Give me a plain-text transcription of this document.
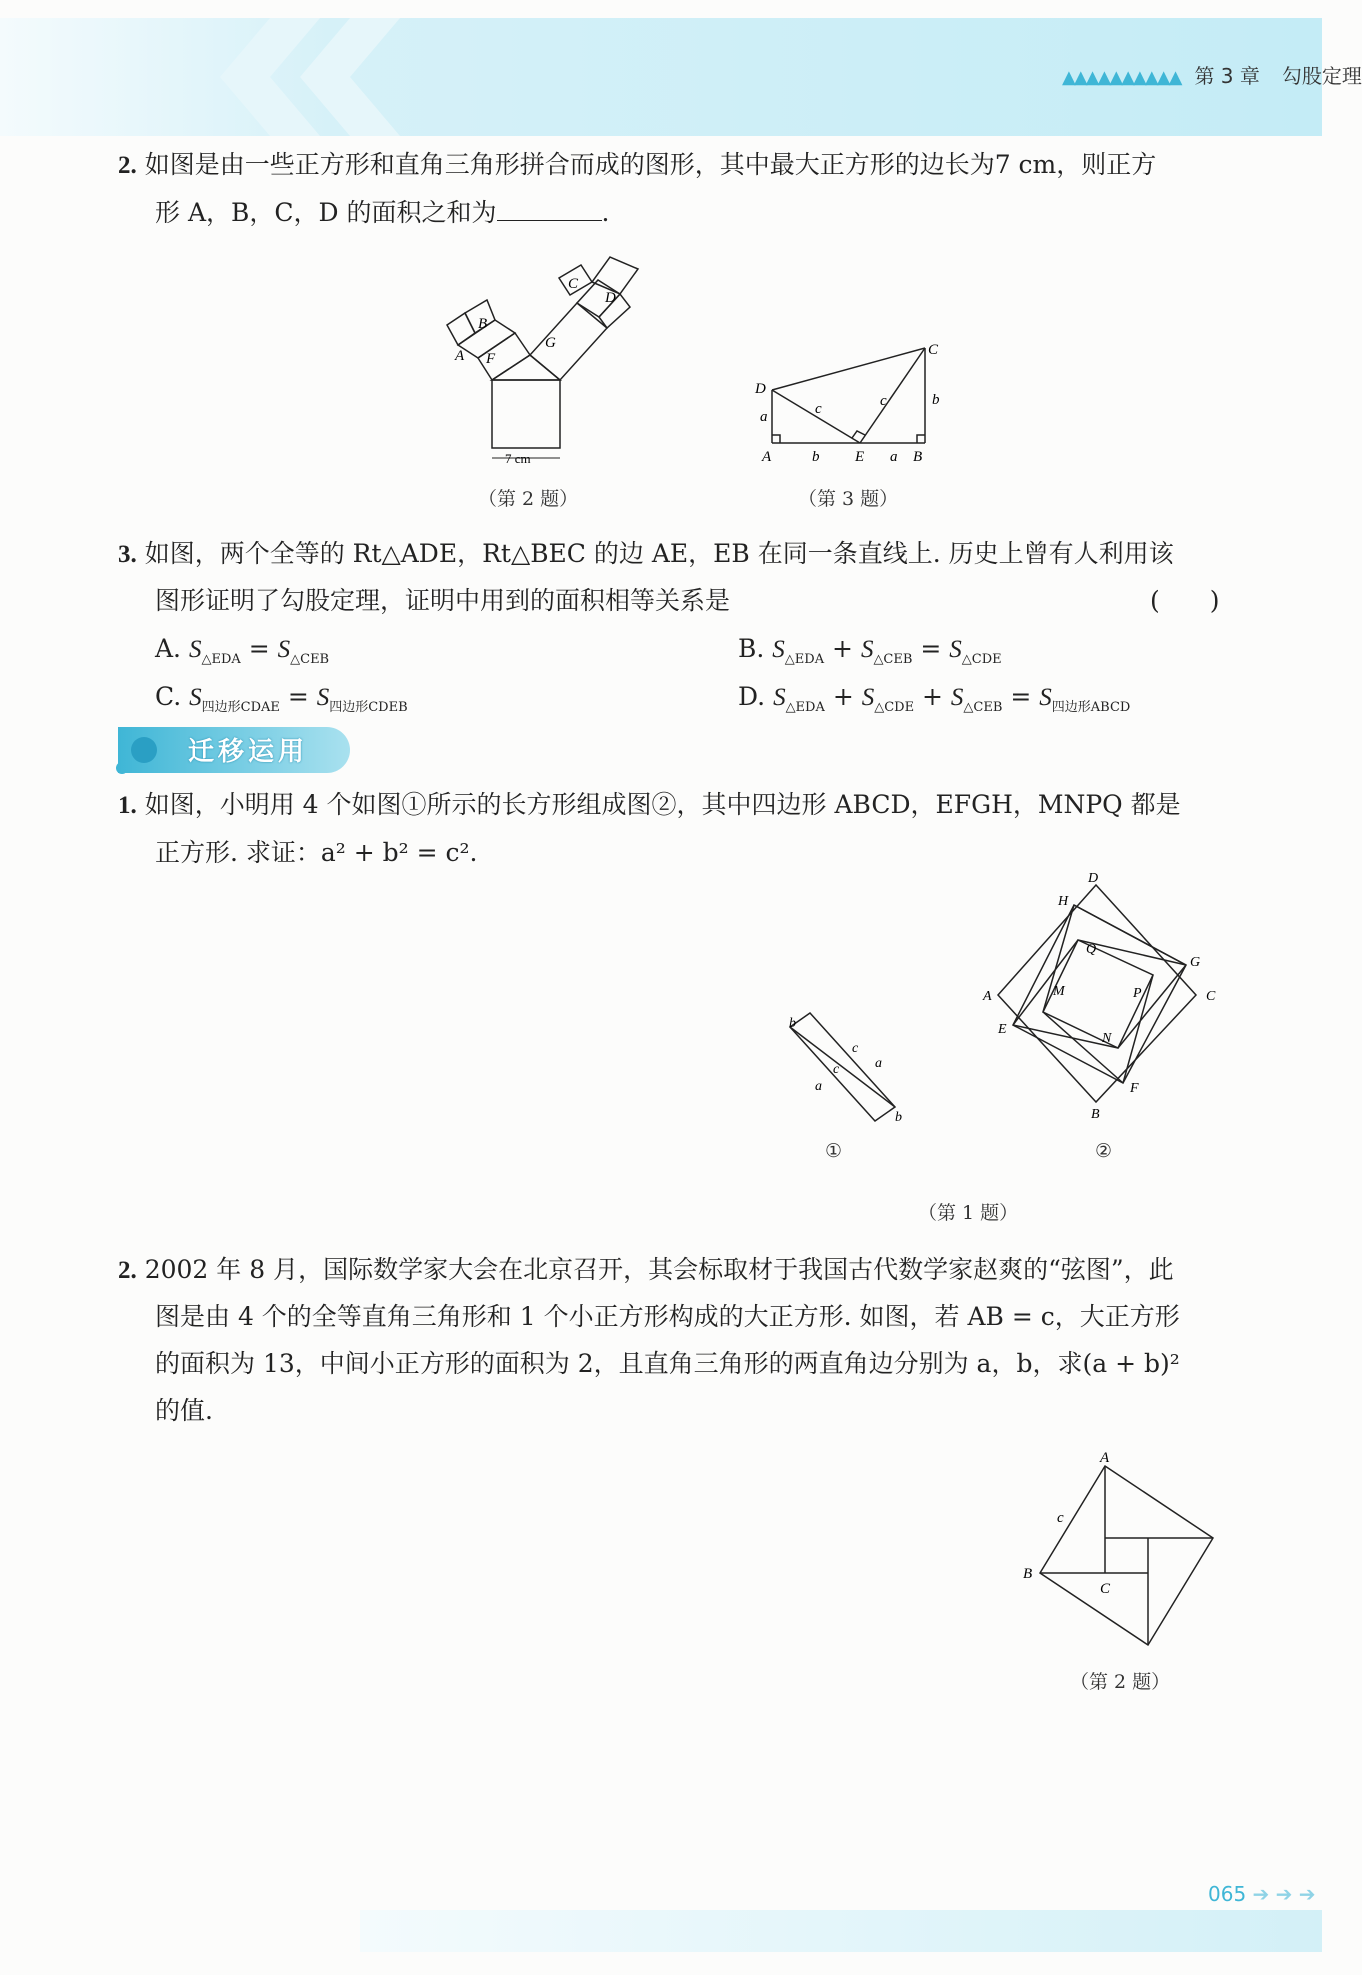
▲▲▲▲▲▲▲▲▲▲ 第 3 章 勾股定理
2. 如图是由一些正方形和直角三角形拼合而成的图形，其中最大正方形的边长为7 cm，则正方
形 A，B，C，D 的面积之和为	.
A
B
C
D
F
G
7 cm
（第 2 题）
D
a
A	b E a B
b
C
c	c
（第 3 题）
3. 如图，两个全等的 Rt△ADE，Rt△BEC 的边 AE，EB 在同一条直线上. 历史上曾有人利用该
图形证明了勾股定理，证明中用到的面积相等关系是	(　　)
A. $S_{\triangle EDA} = S_{\triangle CEB}$	B. $S_{\triangle EDA} + S_{\triangle CEB} = S_{\triangle CDE}$
C. $S_{四边形CDAE} = S_{四边形CDEB}$	D. $S_{\triangle EDA} + S_{\triangle CDE} + S_{\triangle CEB} = S_{四边形ABCD}$
迁移运用
1. 如图，小明用 4 个如图①所示的长方形组成图②，其中四边形 ABCD，EFGH，MNPQ 都是
正方形. 求证：a² + b² = c².
b
c
c
a
a
b
①
D
H
Q
G
C
A	M	P
E
N
F
B
②
（第 1 题）
2. 2002 年 8 月，国际数学家大会在北京召开，其会标取材于我国古代数学家赵爽的“弦图”，此
图是由 4 个的全等直角三角形和 1 个小正方形构成的大正方形. 如图，若 AB = c，大正方形
的面积为 13，中间小正方形的面积为 2，且直角三角形的两直角边分别为 a，b，求(a + b)²
的值.
A
B
c
C
（第 2 题）
065 ➔ ➔ ➔
